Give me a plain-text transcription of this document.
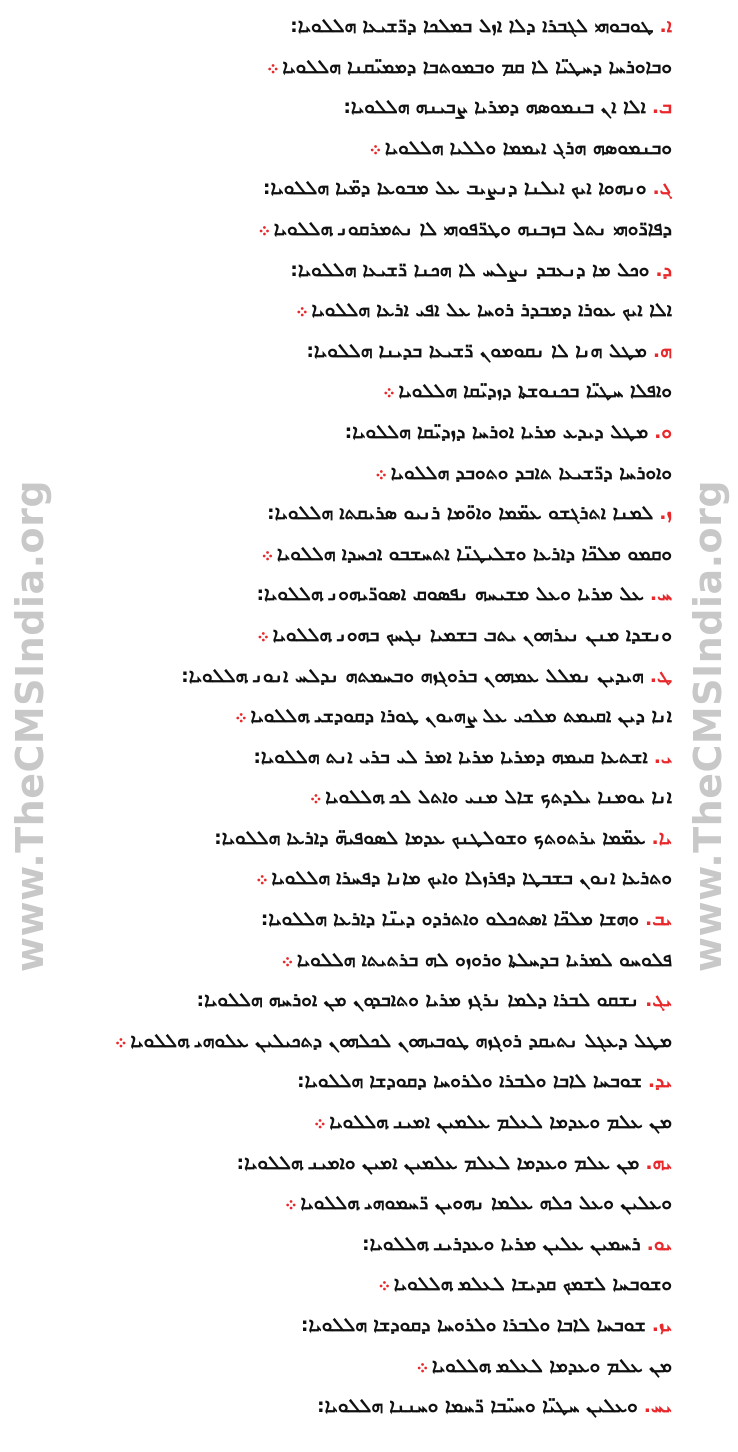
www.TheCMSIndia.org	www.TheCMSIndia.org
ܐ.ܛܘܒܘܗܝ ܠܓܒܪܐ ܕܠܐ ܐܙܠ ܒܡܠܟܐ ܕܪ̈ܫܝܥܐܗܠܠܘܝܐ:
ܘܒܐܘܪܚܐ ܕܚܛܝ̈ܐ ܠܐ ܩܡ ܘܒܡܘܬܒܐ ܕܡܡܝ̈ܩܢܐܗܠܠܘܝܐ܀
ܒ.ܐܠܐ ܐܢ ܒܢܡܘܣܗ ܕܡܪܝܐ ܨܒܝܢܗܗܠܠܘܝܐ:
ܘܒܢܡܘܣܗ ܗܪܓ ܐܝܡܡܐ ܘܠܠܝܐܗܠܠܘܝܐ܀
ܓ.ܘܢܗܘܐ ܐܝܟ ܐܝܠܢܐ ܕܢܨܝܒ ܥܠ ܡܒܘܥܐ ܕܡ̈ܝܐܗܠܠܘܝܐ:
ܕܦܐܪ̈ܘܗܝ ܢܬܠ ܒܙܒܢܗ ܘܛܪ̈ܦܘܗܝ ܠܐ ܢܬܡܪܩܘܢܗܠܠܘܝܐ܀
ܕ.ܘܟܠ ܡܐ ܕܢܥܒܕ ܢܨܠܚ ܠܐ ܗܟܢܐ ܪ̈ܫܝܥܐܗܠܠܘܝܐ:
ܐܠܐ ܐܝܟ ܥܘܪܐ ܕܡܒܕܪ ܪܘܚܐ ܥܠ ܐܦܝ ܐܪܥܐܗܠܠܘܝܐ܀
ܗ.ܡܛܠ ܗܢܐ ܠܐ ܢܩܘܡܘܢ ܪ̈ܫܝܥܐ ܒܕܝܢܐܗܠܠܘܝܐ:
ܘܐܦܠܐ ܚܛܝ̈ܐ ܒܟܢܘܫܬܐ ܕܙܕܝ̈ܩܐܗܠܠܘܝܐ܀
ܘ.ܡܛܠ ܕܝܕܥ ܡܪܝܐ ܐܘܪܚܐ ܕܙܕܝ̈ܩܐܗܠܠܘܝܐ:
ܘܐܘܪܚܐ ܕܪ̈ܫܝܥܐ ܬܐܒܕ ܘܬܘܒܕܗܠܠܘܝܐ܀
ܙ.ܠܡܢܐ ܐܬܪܓܫܘ ܥܡ̈ܡܐ ܘܐܘ̈ܡܐ ܪܢܝܘ ܣܪܝܩܬܐܗܠܠܘܝܐ:
ܘܩܡܘ ܡܠܟ̈ܐ ܕܐܪܥܐ ܘܫܠܝܛܢ̈ܐ ܐܬܚܫܒܘ ܐܟܚܕܐܗܠܠܘܝܐ܀
ܚ.ܥܠ ܡܪܝܐ ܘܥܠ ܡܫܝܚܗ ܢܦܣܘܩ ܐܣܘܪ̈ܝܗܘܢܗܠܠܘܝܐ:
ܘܢܫܕܐ ܡܢܢ ܢܝܪܗܘܢ ܝܬܒ ܒܫܡܝܐ ܢܓܚܟ ܒܗܘܢܗܠܠܘܝܐ܀
ܛ.ܗܝܕܝܢ ܢܡܠܠ ܥܡܗܘܢ ܒܪܘܓܙܗ ܘܒܚܡܬܗ ܢܕܠܚ ܐܢܘܢܗܠܠܘܝܐ:
ܐܢܐ ܕܝܢ ܐܩܝܡܬ ܡܠܟܝ ܥܠ ܨܗܝܘܢ ܛܘܪܐ ܕܩܘܕܫܝܗܠܠܘܝܐ܀
ܝ.ܐܫܬܥܐ ܩܝܡܗ ܕܡܪܝܐ ܡܪܝܐ ܐܡܪ ܠܝ ܒܪܝ ܐܢܬܗܠܠܘܝܐ:
ܐܢܐ ܝܘܡܢܐ ܝܠܕܬܟ ܫܐܠ ܡܢܝ ܘܐܬܠ ܠܟܗܠܠܘܝܐ܀
ܝܐ.ܥܡ̈ܡܐ ܝܪܬܘܬܟ ܘܫܘܠܛܢܟ ܥܕܡܐ ܠܣܘܦܝܗ̈ ܕܐܪܥܐܗܠܠܘܝܐ:
ܘܬܪܥܐ ܐܢܘܢ ܒܫܒܛܐ ܕܦܪܙܠܐ ܘܐܝܟ ܡܐܢܐ ܕܦܚܪܐܗܠܠܘܝܐ܀
ܝܒ.ܘܗܫܐ ܡܠܟ̈ܐ ܐܣܬܟܠܘ ܘܐܬܪܕܘ ܕܝܢ̈ܐ ܕܐܪܥܐܗܠܠܘܝܐ:
ܦܠܘܚܘ ܠܡܪܝܐ ܒܕܚܠܬܐ ܘܪܘܙܘ ܠܗ ܒܪܬܝܬܐܗܠܠܘܝܐ܀
ܝܓ.ܢܫܩܘ ܠܒܪܐ ܕܠܡܐ ܢܪܓܙ ܡܪܝܐ ܘܬܐܒܕܘܢ ܡܢ ܐܘܪܚܗܗܠܠܘܝܐ:
ܡܛܠ ܕܥܓܠ ܢܬܝܩܕ ܪܘܓܙܗ ܛܘܒܝܗܘܢ ܠܟܠܗܘܢ ܕܬܟܝܠܝܢ ܥܠܘܗܝܗܠܠܘܝܐ܀
ܝܕ.ܫܘܒܚܐ ܠܐܒܐ ܘܠܒܪܐ ܘܠܪܘܚܐ ܕܩܘܕܫܐܗܠܠܘܝܐ:
ܡܢ ܥܠܡ ܘܥܕܡܐ ܠܥܠܡ ܥܠܡܝܢ ܐܡܝܢܗܠܠܘܝܐ܀
ܝܗ.ܡܢ ܥܠܡ ܘܥܕܡܐ ܠܥܠܡ ܥܠܡܝܢ ܐܡܝܢ ܘܐܡܝܢܗܠܠܘܝܐ:
ܘܥܠܝܢ ܘܥܠ ܟܠܗ ܥܠܡܐ ܢܗܘܝܢ ܪ̈ܚܡܘܗܝܗܠܠܘܝܐ܀
ܝܘ.ܪܚܡܝܢ ܥܠܝܢ ܡܪܝܐ ܘܥܕܪܝܢܗܠܠܘܝܐ:
ܘܫܘܒܚܐ ܠܫܡܟ ܩܕܝܫܐ ܠܥܠܡܗܠܠܘܝܐ܀
ܝܙ.ܫܘܒܚܐ ܠܐܒܐ ܘܠܒܪܐ ܘܠܪܘܚܐ ܕܩܘܕܫܐܗܠܠܘܝܐ:
ܡܢ ܥܠܡ ܘܥܕܡܐ ܠܥܠܡܗܠܠܘܝܐ܀
ܝܚ.ܘܥܠܝܢ ܚܛܝ̈ܐ ܘܚܝ̈ܒܐ ܪ̈ܚܡܐ ܘܚܢܢܐܗܠܠܘܝܐ:
